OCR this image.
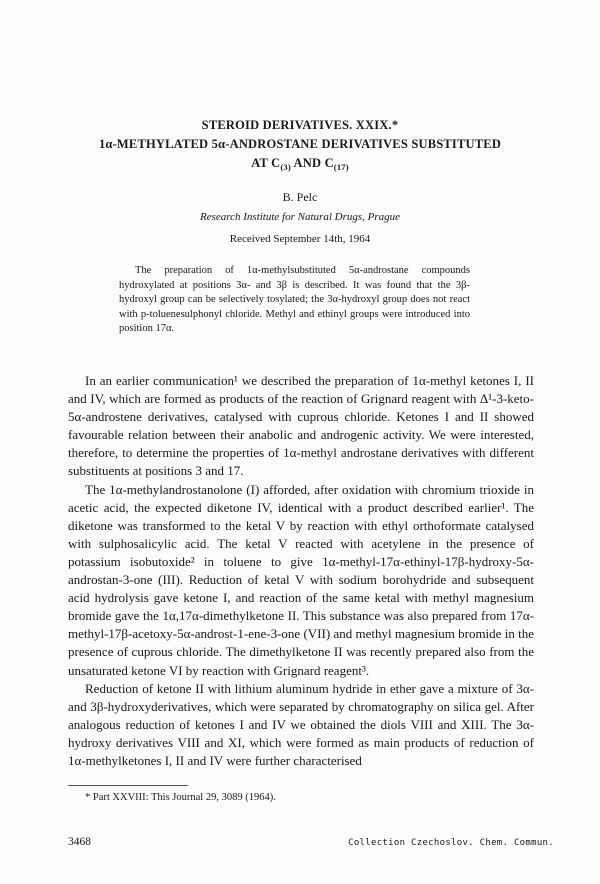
STEROID DERIVATIVES. XXIX.*
1α-METHYLATED 5α-ANDROSTANE DERIVATIVES SUBSTITUTED
AT $C_{(3)}$ AND $C_{(17)}$
B. Pelc
Research Institute for Natural Drugs, Prague
Received September 14th, 1964

The preparation of 1α-methylsubstituted 5α-androstane compounds hydroxylated at positions 3α- and 3β is described. It was found that the 3β-hydroxyl group can be selectively tosylated; the 3α-hydroxyl group does not react with p-toluenesulphonyl chloride. Methyl and ethinyl groups were introduced into position 17α.

In an earlier communication¹ we described the preparation of 1α-methyl ketones I, II and IV, which are formed as products of the reaction of Grignard reagent with Δ¹-3-keto-5α-androstene derivatives, catalysed with cuprous chloride. Ketones I and II showed favourable relation between their anabolic and androgenic activity. We were interested, therefore, to determine the properties of 1α-methyl androstane derivatives with different substituents at positions 3 and 17.

The 1α-methylandrostanolone (I) afforded, after oxidation with chromium trioxide in acetic acid, the expected diketone IV, identical with a product described earlier¹. The diketone was transformed to the ketal V by reaction with ethyl orthoformate catalysed with sulphosalicylic acid. The ketal V reacted with acetylene in the presence of potassium isobutoxide² in toluene to give 1α-methyl-17α-ethinyl-17β-hydroxy-5α-androstan-3-one (III). Reduction of ketal V with sodium borohydride and subsequent acid hydrolysis gave ketone I, and reaction of the same ketal with methyl magnesium bromide gave the 1α,17α-dimethylketone II. This substance was also prepared from 17α-methyl-17β-acetoxy-5α-androst-1-ene-3-one (VII) and methyl magnesium bromide in the presence of cuprous chloride. The dimethylketone II was recently prepared also from the unsaturated ketone VI by reaction with Grignard reagent³.

Reduction of ketone II with lithium aluminum hydride in ether gave a mixture of 3α- and 3β-hydroxyderivatives, which were separated by chromatography on silica gel. After analogous reduction of ketones I and IV we obtained the diols VIII and XIII. The 3α-hydroxy derivatives VIII and XI, which were formed as main products of reduction of 1α-methylketones I, II and IV were further characterised

* Part XXVIII: This Journal 29, 3089 (1964).
3468	Collection Czechoslov. Chem. Commun.
